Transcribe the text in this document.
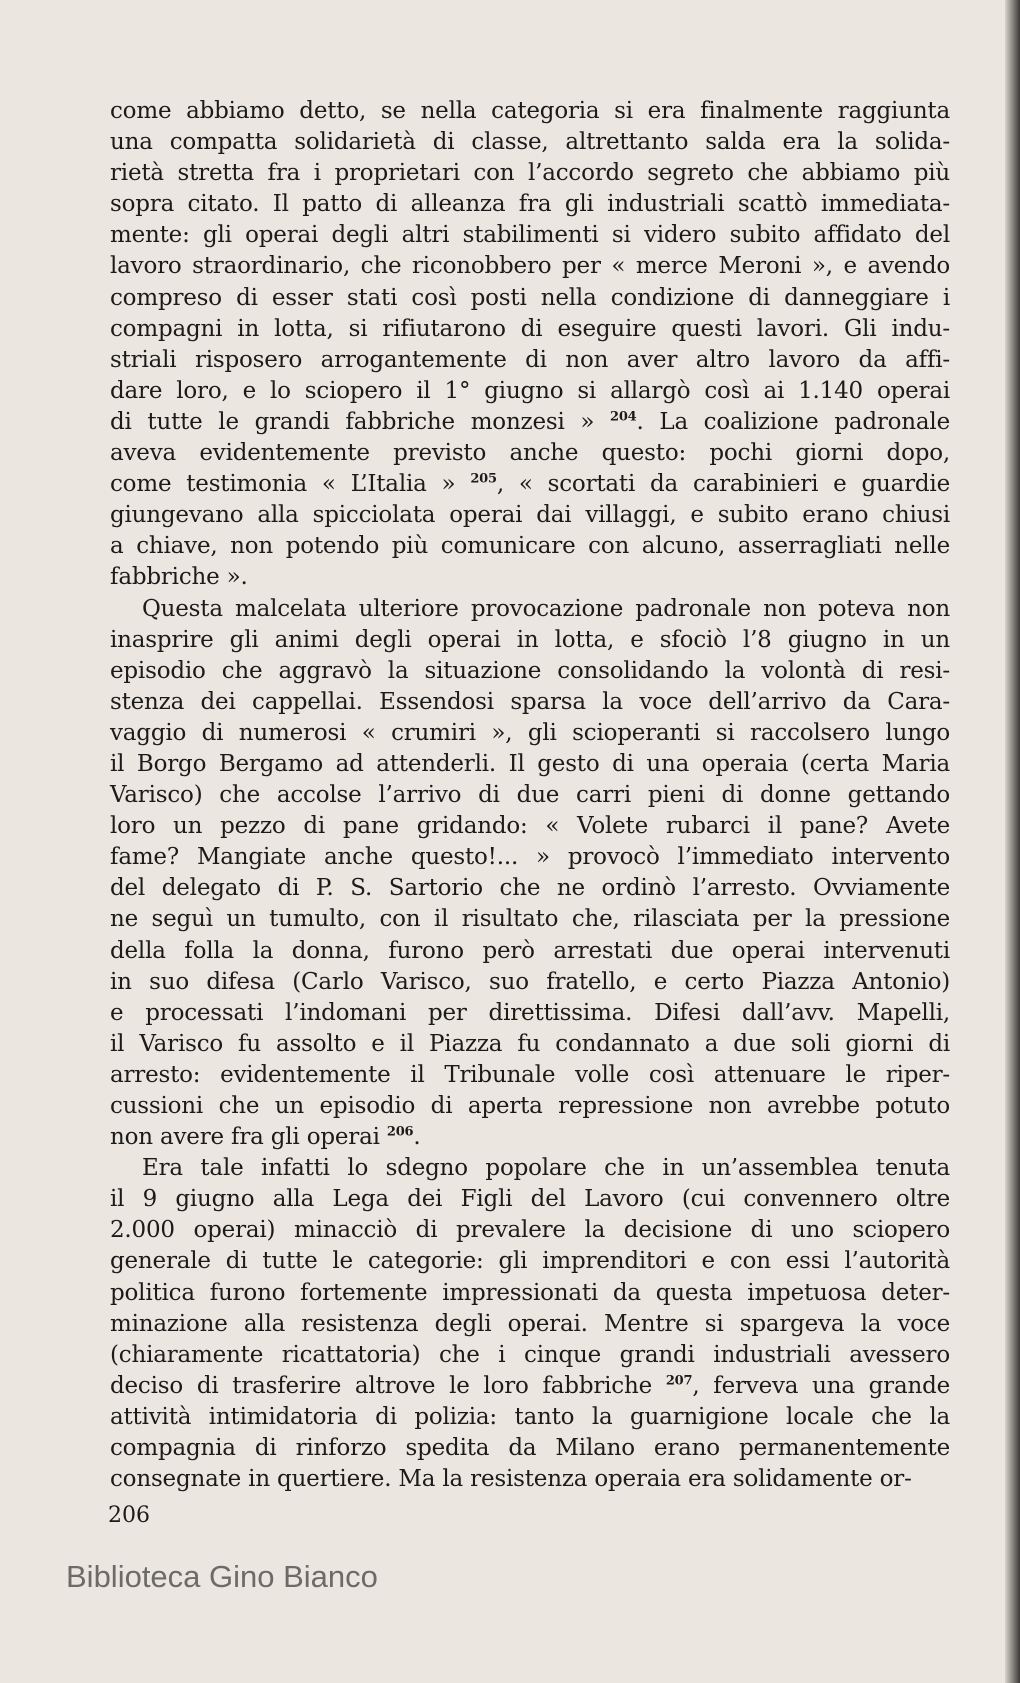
come abbiamo detto, se nella categoria si era finalmente raggiunta
una compatta solidarietà di classe, altrettanto salda era la solida-
rietà stretta fra i proprietari con l’accordo segreto che abbiamo più
sopra citato. Il patto di alleanza fra gli industriali scattò immediata-
mente: gli operai degli altri stabilimenti si videro subito affidato del
lavoro straordinario, che riconobbero per « merce Meroni », e avendo
compreso di esser stati così posti nella condizione di danneggiare i
compagni in lotta, si rifiutarono di eseguire questi lavori. Gli indu-
striali risposero arrogantemente di non aver altro lavoro da affi-
dare loro, e lo sciopero il 1° giugno si allargò così ai 1.140 operai
di tutte le grandi fabbriche monzesi » $^{204}$. La coalizione padronale
aveva evidentemente previsto anche questo: pochi giorni dopo,
come testimonia « L’Italia » $^{205}$, « scortati da carabinieri e guardie
giungevano alla spicciolata operai dai villaggi, e subito erano chiusi
a chiave, non potendo più comunicare con alcuno, asserragliati nelle
fabbriche ».
Questa malcelata ulteriore provocazione padronale non poteva non
inasprire gli animi degli operai in lotta, e sfociò l’8 giugno in un
episodio che aggravò la situazione consolidando la volontà di resi-
stenza dei cappellai. Essendosi sparsa la voce dell’arrivo da Cara-
vaggio di numerosi « crumiri », gli scioperanti si raccolsero lungo
il Borgo Bergamo ad attenderli. Il gesto di una operaia (certa Maria
Varisco) che accolse l’arrivo di due carri pieni di donne gettando
loro un pezzo di pane gridando: « Volete rubarci il pane? Avete
fame? Mangiate anche questo!... » provocò l’immediato intervento
del delegato di P. S. Sartorio che ne ordinò l’arresto. Ovviamente
ne seguì un tumulto, con il risultato che, rilasciata per la pressione
della folla la donna, furono però arrestati due operai intervenuti
in suo difesa (Carlo Varisco, suo fratello, e certo Piazza Antonio)
e processati l’indomani per direttissima. Difesi dall’avv. Mapelli,
il Varisco fu assolto e il Piazza fu condannato a due soli giorni di
arresto: evidentemente il Tribunale volle così attenuare le riper-
cussioni che un episodio di aperta repressione non avrebbe potuto
non avere fra gli operai $^{206}$.
Era tale infatti lo sdegno popolare che in un’assemblea tenuta
il 9 giugno alla Lega dei Figli del Lavoro (cui convennero oltre
2.000 operai) minacciò di prevalere la decisione di uno sciopero
generale di tutte le categorie: gli imprenditori e con essi l’autorità
politica furono fortemente impressionati da questa impetuosa deter-
minazione alla resistenza degli operai. Mentre si spargeva la voce
(chiaramente ricattatoria) che i cinque grandi industriali avessero
deciso di trasferire altrove le loro fabbriche $^{207}$, ferveva una grande
attività intimidatoria di polizia: tanto la guarnigione locale che la
compagnia di rinforzo spedita da Milano erano permanentemente
consegnate in quertiere. Ma la resistenza operaia era solidamente or-
206
Biblioteca Gino Bianco
